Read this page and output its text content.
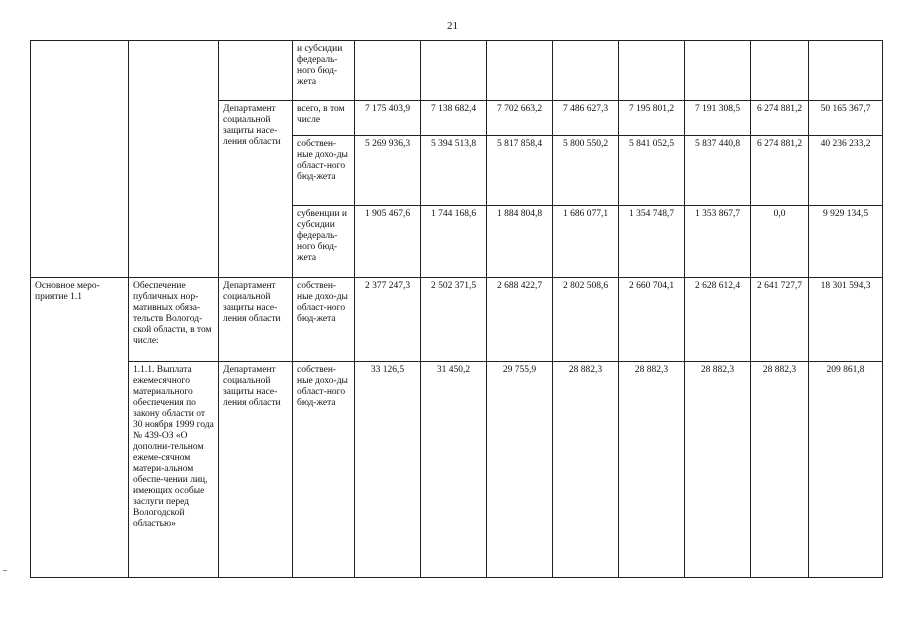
21

			и субсидии федераль-ного бюд-жета								

		Департамент социальной защиты насе-ления области	всего, в том числе	7 175 403,9	7 138 682,4	7 702 663,2	7 486 627,3	7 195 801,2	7 191 308,5	6 274 881,2	50 165 367,7

			собствен-ные дохо-ды област-ного бюд-жета	5 269 936,3	5 394 513,8	5 817 858,4	5 800 550,2	5 841 052,5	5 837 440,8	6 274 881,2	40 236 233,2

			субвенции и субсидии федераль-ного бюд-жета	1 905 467,6	1 744 168,6	1 884 804,8	1 686 077,1	1 354 748,7	1 353 867,7	0,0	9 929 134,5

Основное меро-приятие 1.1	Обеспечение публичных нор-мативных обяза-тельств Вологод-ской области, в том числе:	Департамент социальной защиты насе-ления области	собствен-ные дохо-ды област-ного бюд-жета	2 377 247,3	2 502 371,5	2 688 422,7	2 802 508,6	2 660 704,1	2 628 612,4	2 641 727,7	18 301 594,3

	1.1.1. Выплата ежемесячного материального обеспечения по закону области от 30 ноября 1999 года № 439-ОЗ «О дополни-тельном ежеме-сячном матери-альном обеспе-чении лиц, имеющих особые заслуги перед Вологодской областью»	Департамент социальной защиты насе-ления области	собствен-ные дохо-ды област-ного бюд-жета	33 126,5	31 450,2	29 755,9	28 882,3	28 882,3	28 882,3	28 882,3	209 861,8
